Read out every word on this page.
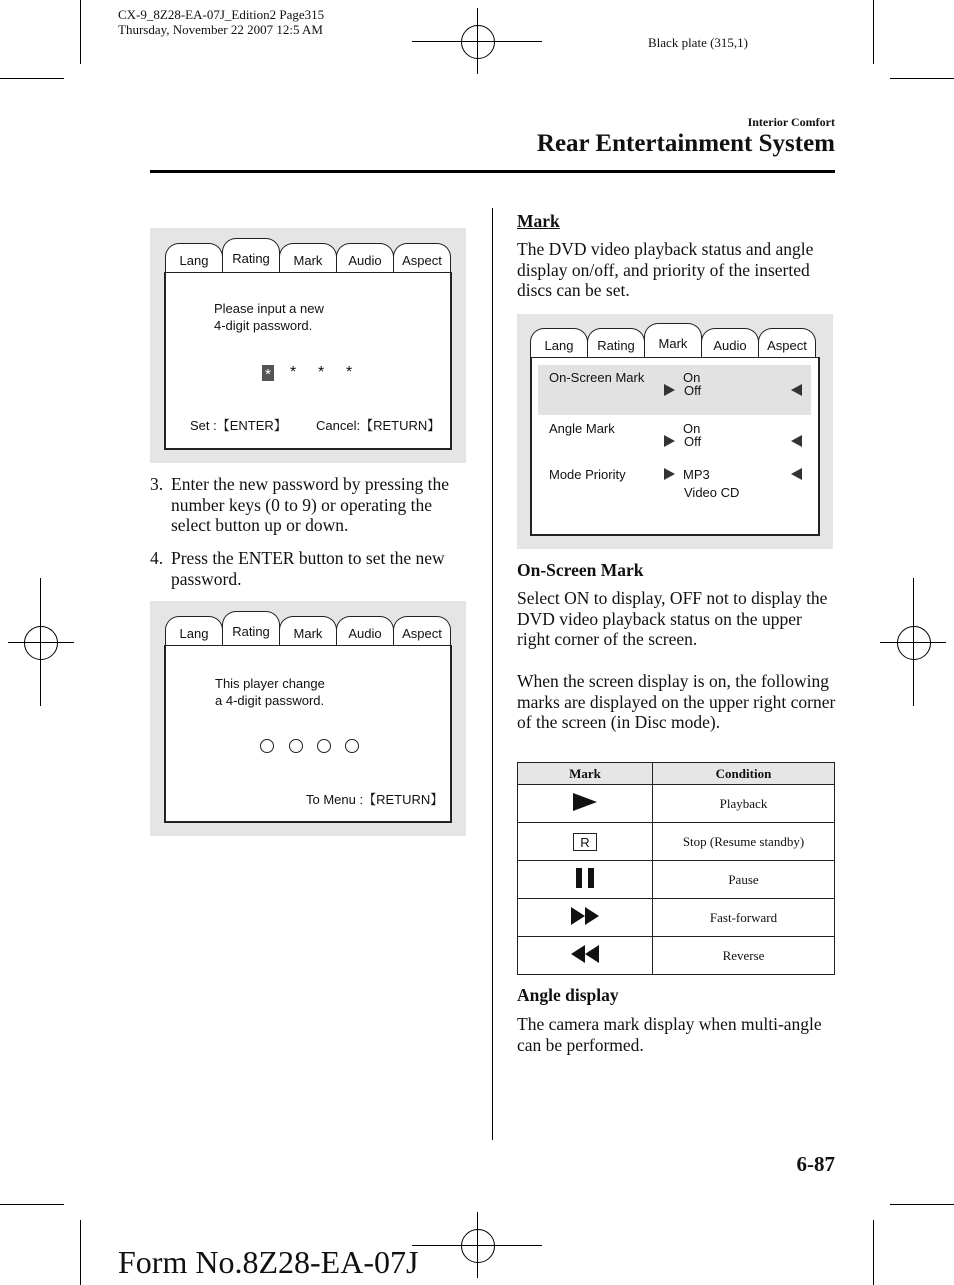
CX-9_8Z28-EA-07J_Edition2 Page315
Thursday, November 22 2007 12:5 AM
Black plate (315,1)
Interior Comfort
Rear Entertainment System
Lang	Rating	Mark	Audio	Aspect
Please input a new
4-digit password.
* * * *
Set :【ENTER】 Cancel:【RETURN】
3. Enter the new password by pressing the number keys (0 to 9) or operating the select button up or down.
4. Press the ENTER button to set the new password.
Lang	Rating	Mark	Audio	Aspect
This player change
a 4-digit password.
To Menu :【RETURN】
Mark
The DVD video playback status and angle display on/off, and priority of the inserted discs can be set.
Lang	Rating	Mark	Audio	Aspect
On-Screen Mark	On
Off
Angle Mark	On
Off
Mode Priority	MP3
Video CD
On-Screen Mark
Select ON to display, OFF not to display the DVD video playback status on the upper right corner of the screen.
When the screen display is on, the following marks are displayed on the upper right corner of the screen (in Disc mode).
Mark	Condition
	Playback
R	Stop (Resume standby)
	Pause
	Fast-forward
	Reverse
Angle display
The camera mark display when multi-angle can be performed.
6-87
Form No.8Z28-EA-07J
